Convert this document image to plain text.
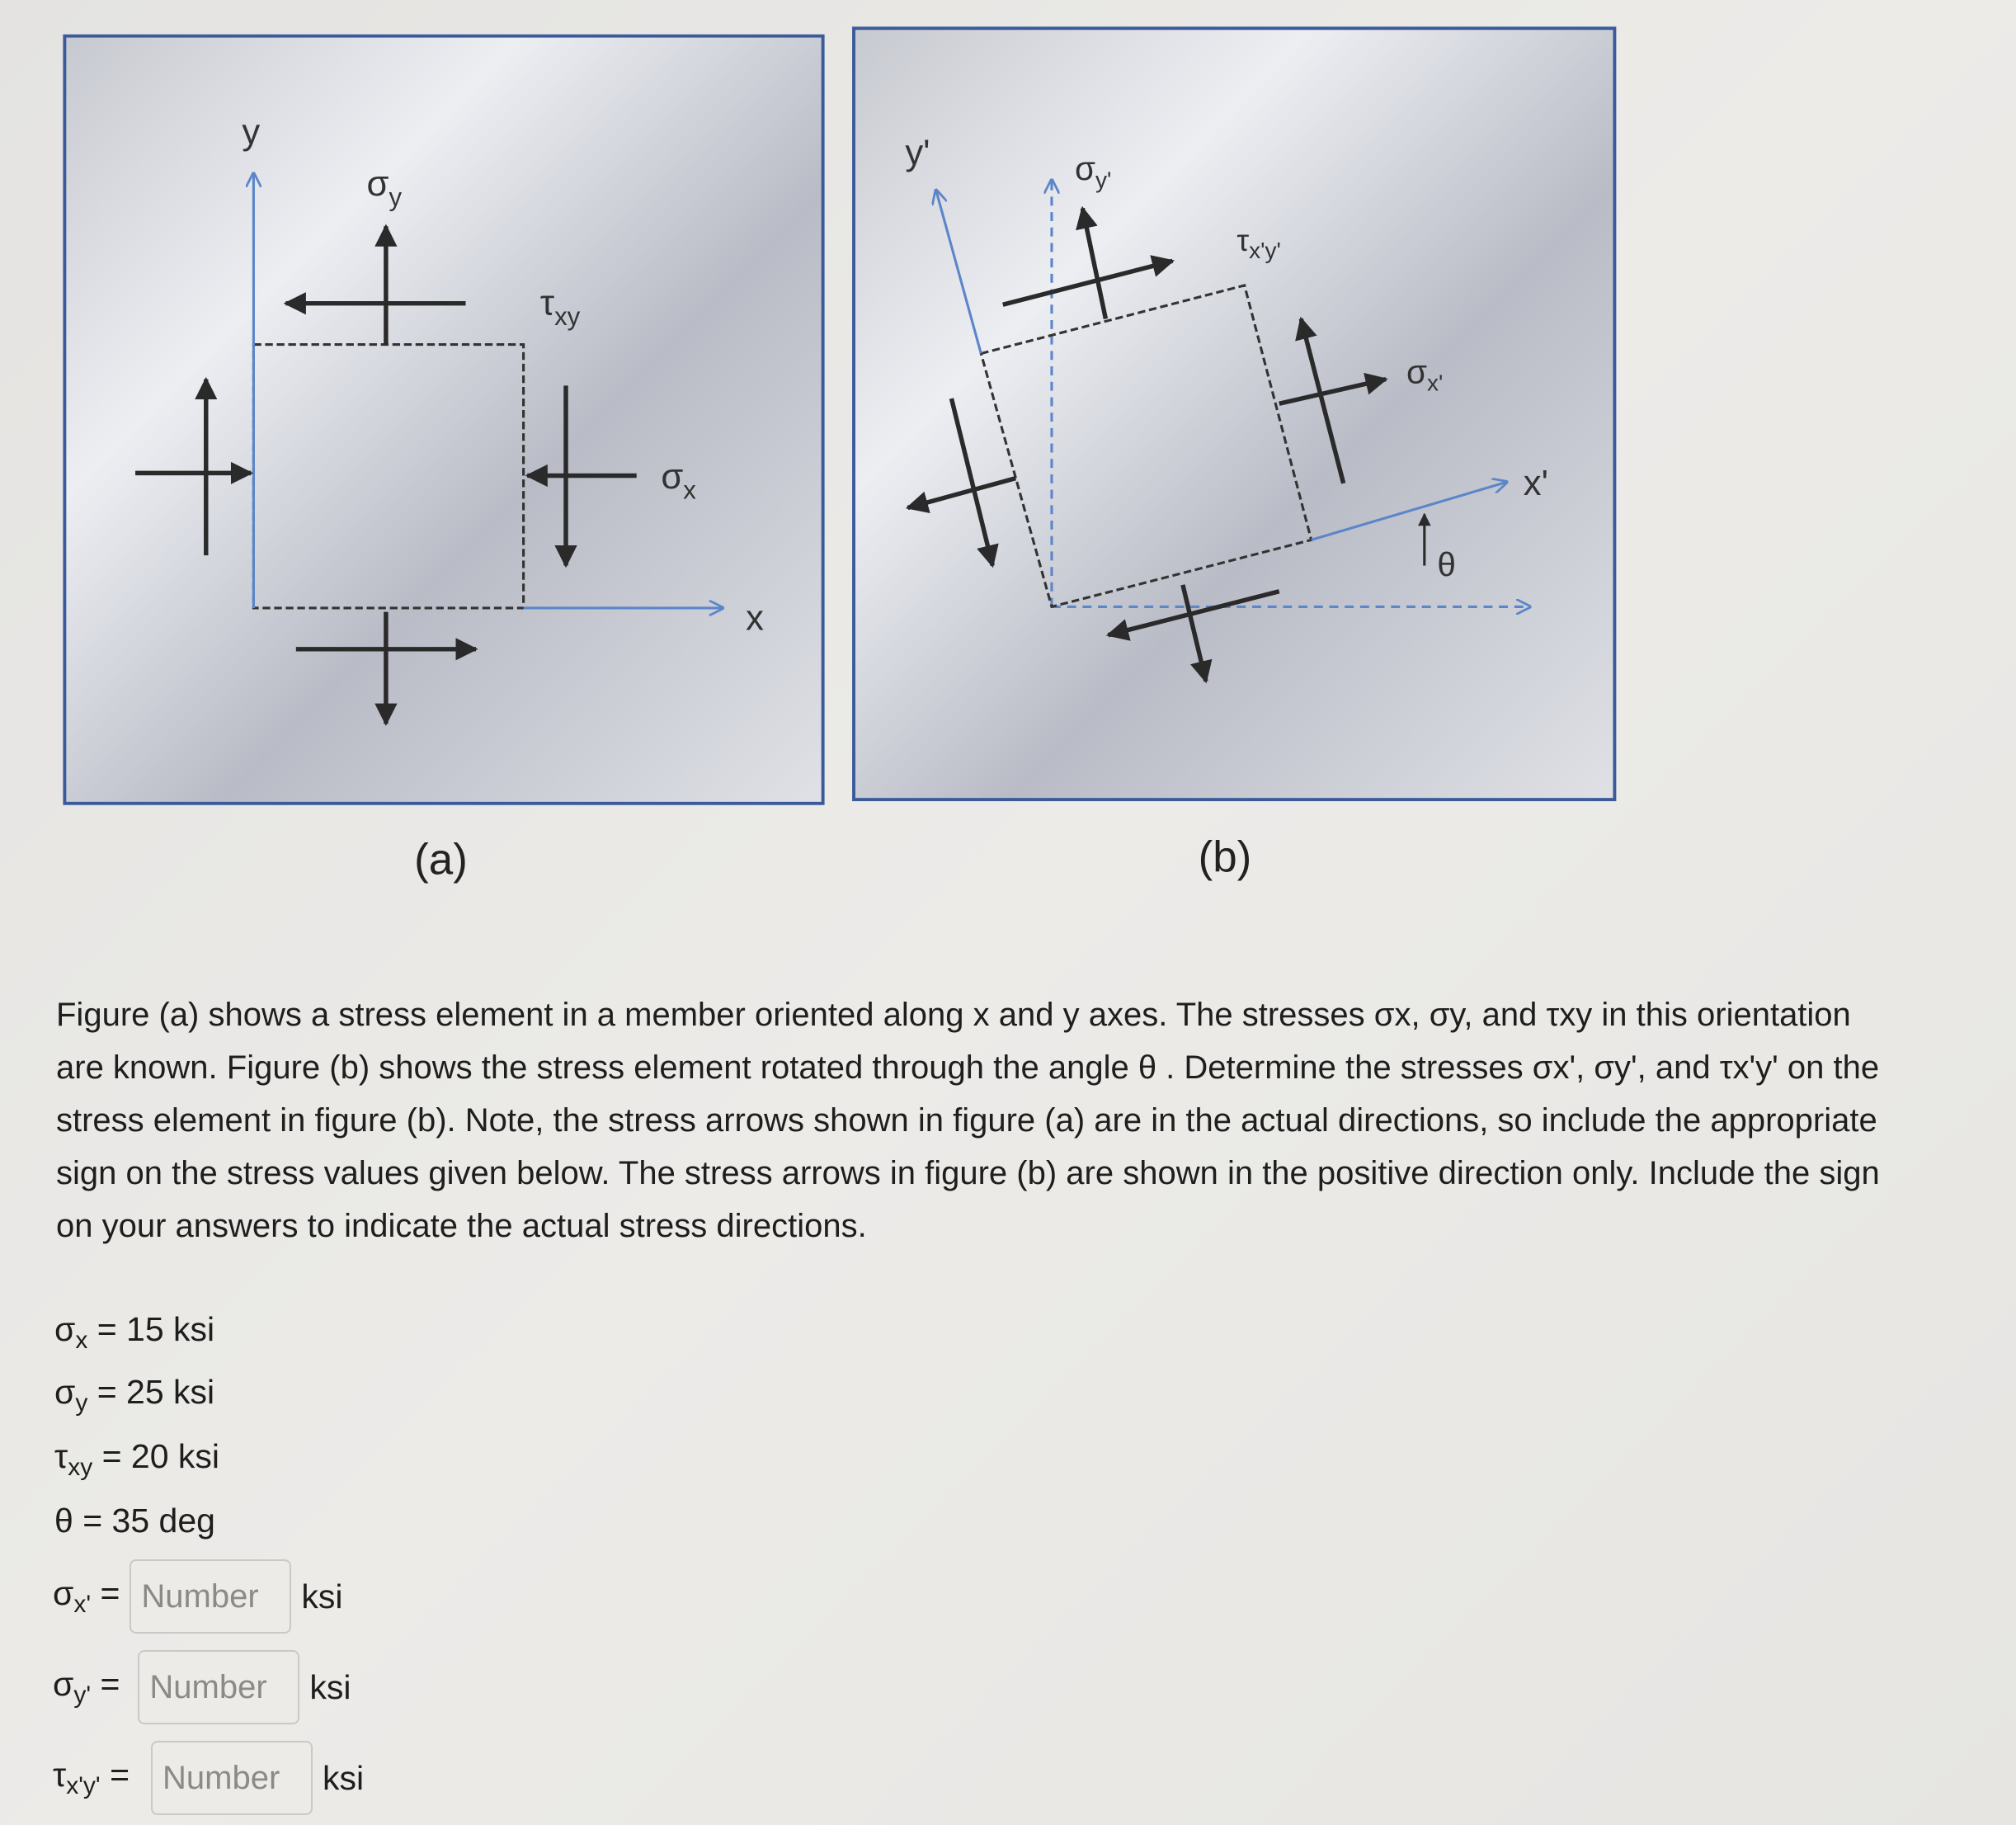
x
y
$\sigma_y$
$\tau_{xy}$
$\sigma_x$
(a)
x'
y'
θ
$\sigma_{y'}$
$\tau_{x'y'}$
$\sigma_{x'}$
(b)
Figure (a) shows a stress element in a member oriented along x and y axes. The stresses σx, σy, and τxy in this orientation are known. Figure (b) shows the stress element rotated through the angle θ . Determine the stresses σx', σy', and τx'y' on the stress element in figure (b). Note, the stress arrows shown in figure (a) are in the actual directions, so include the appropriate sign on the stress values given below. The stress arrows in figure (b) are shown in the positive direction only. Include the sign on your answers to indicate the actual stress directions.
$\sigma_x = 15$ ksi
$\sigma_y = 25$ ksi
$\tau_{xy} = 20$ ksi
θ = 35 deg
$\sigma_{x'}$ =
Number	ksi
$\sigma_{y'}$ =
Number	ksi
$\tau_{x'y'}$ =
Number	ksi
